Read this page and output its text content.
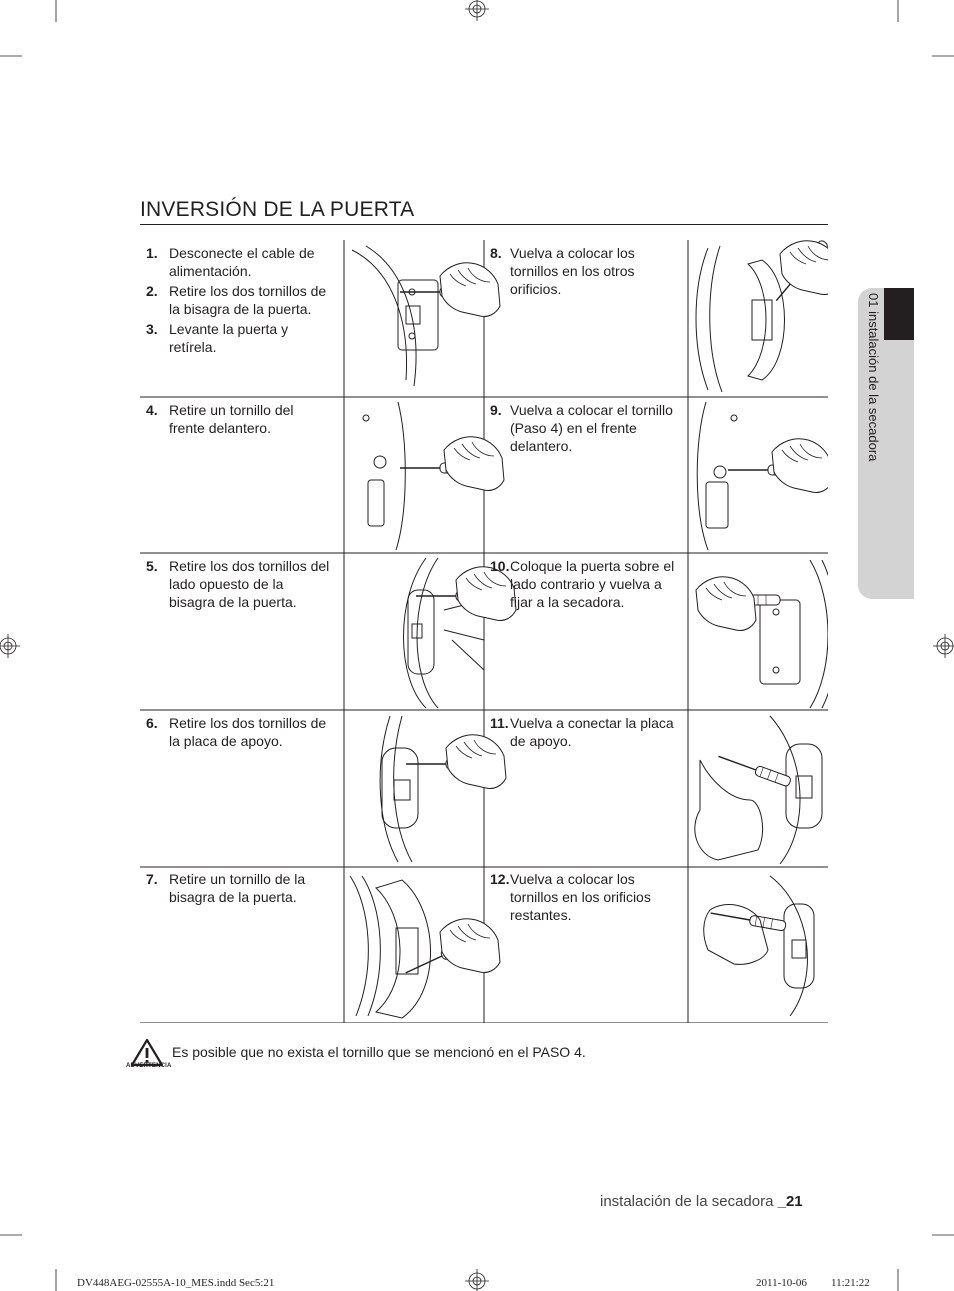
INVERSIÓN DE LA PUERTA
1. Desconecte el cable de alimentación.
2. Retire los dos tornillos de la bisagra de la puerta.
3. Levante la puerta y retírela.
4. Retire un tornillo del frente delantero.
5. Retire los dos tornillos del lado opuesto de la bisagra de la puerta.
6. Retire los dos tornillos de la placa de apoyo.
7. Retire un tornillo de la bisagra de la puerta.
8. Vuelva a colocar los tornillos en los otros orificios.
9. Vuelva a colocar el tornillo (Paso 4) en el frente delantero.
10. Coloque la puerta sobre el lado contrario y vuelva a fijar a la secadora.
11. Vuelva a conectar la placa de apoyo.
12. Vuelva a colocar los tornillos en los orificios restantes.
ADVERTENCIA
Es posible que no exista el tornillo que se mencionó en el PASO 4.
01 instalación de la secadora
instalación de la secadora _21
DV448AEG-02555A-10_MES.indd Sec5:21	2011-10-06 11:21:22
